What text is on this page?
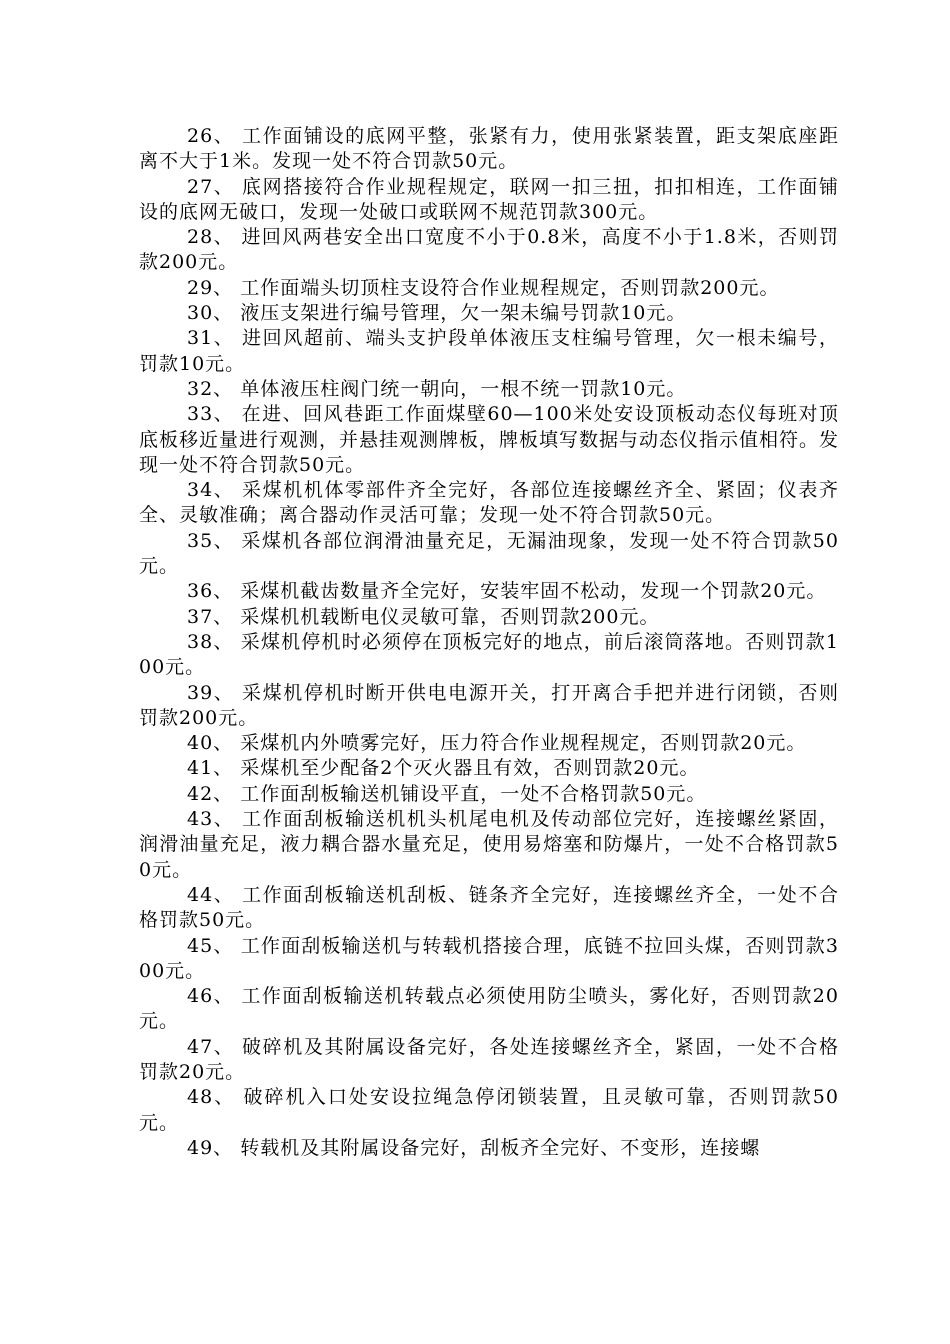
26、 工作面铺设的底网平整，张紧有力，使用张紧装置，距支架底座距离不大于1米。发现一处不符合罚款50元。

27、 底网搭接符合作业规程规定，联网一扣三扭，扣扣相连，工作面铺设的底网无破口，发现一处破口或联网不规范罚款300元。

28、 进回风两巷安全出口宽度不小于0.8米，高度不小于1.8米，否则罚款200元。

29、 工作面端头切顶柱支设符合作业规程规定，否则罚款200元。

30、 液压支架进行编号管理，欠一架未编号罚款10元。

31、 进回风超前、端头支护段单体液压支柱编号管理，欠一根未编号，罚款10元。

32、 单体液压柱阀门统一朝向，一根不统一罚款10元。

33、 在进、回风巷距工作面煤壁60—100米处安设顶板动态仪每班对顶底板移近量进行观测，并悬挂观测牌板，牌板填写数据与动态仪指示值相符。发现一处不符合罚款50元。

34、 采煤机机体零部件齐全完好，各部位连接螺丝齐全、紧固；仪表齐全、灵敏准确；离合器动作灵活可靠；发现一处不符合罚款50元。

35、 采煤机各部位润滑油量充足，无漏油现象，发现一处不符合罚款50元。

36、 采煤机截齿数量齐全完好，安装牢固不松动，发现一个罚款20元。

37、 采煤机机载断电仪灵敏可靠，否则罚款200元。

38、 采煤机停机时必须停在顶板完好的地点，前后滚筒落地。否则罚款100元。

39、 采煤机停机时断开供电电源开关，打开离合手把并进行闭锁，否则罚款200元。

40、 采煤机内外喷雾完好，压力符合作业规程规定，否则罚款20元。

41、 采煤机至少配备2个灭火器且有效，否则罚款20元。

42、 工作面刮板输送机铺设平直，一处不合格罚款50元。

43、 工作面刮板输送机机头机尾电机及传动部位完好，连接螺丝紧固，润滑油量充足，液力耦合器水量充足，使用易熔塞和防爆片，一处不合格罚款50元。

44、 工作面刮板输送机刮板、链条齐全完好，连接螺丝齐全，一处不合格罚款50元。

45、 工作面刮板输送机与转载机搭接合理，底链不拉回头煤，否则罚款300元。

46、 工作面刮板输送机转载点必须使用防尘喷头，雾化好，否则罚款20元。

47、 破碎机及其附属设备完好，各处连接螺丝齐全，紧固，一处不合格罚款20元。

48、 破碎机入口处安设拉绳急停闭锁装置，且灵敏可靠，否则罚款50元。

49、 转载机及其附属设备完好，刮板齐全完好、不变形，连接螺
